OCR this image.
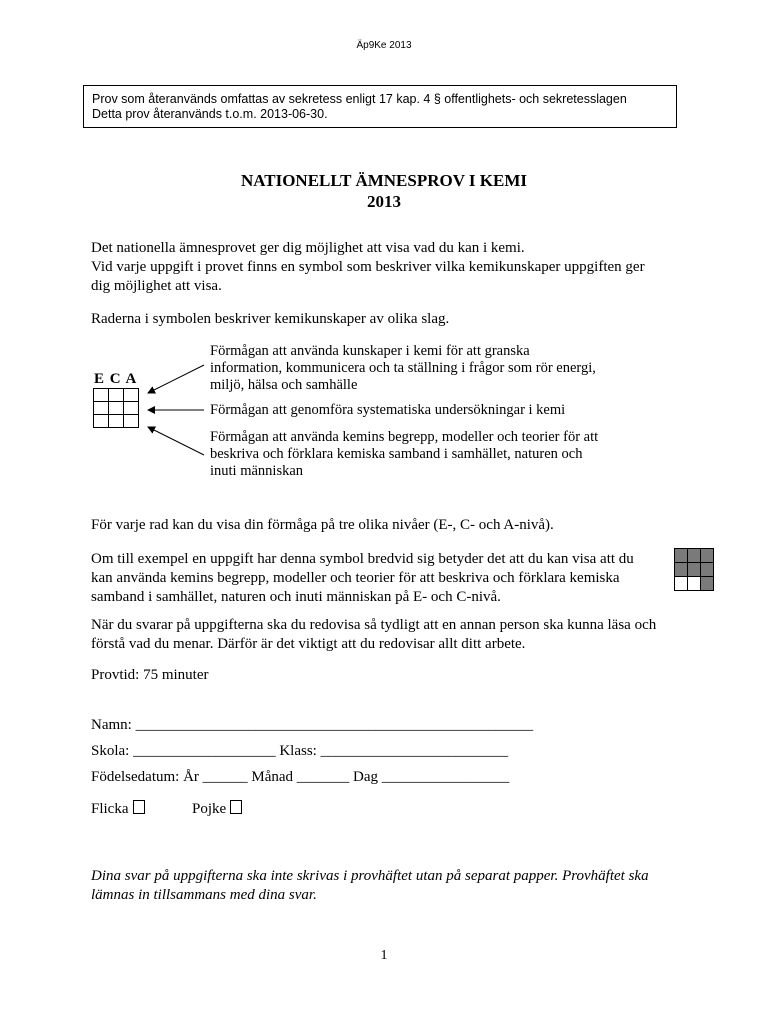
Äp9Ke 2013
Prov som återanvänds omfattas av sekretess enligt 17 kap. 4 § offentlighets- och sekretesslagen
Detta prov återanvänds t.o.m. 2013-06-30.
NATIONELLT ÄMNESPROV I KEMI
2013
Det nationella ämnesprovet ger dig möjlighet att visa vad du kan i kemi.
Vid varje uppgift i provet finns en symbol som beskriver vilka kemikunskaper uppgiften ger
dig möjlighet att visa.
Raderna i symbolen beskriver kemikunskaper av olika slag.
E C A
Förmågan att använda kunskaper i kemi för att granska
information, kommunicera och ta ställning i frågor som rör energi,
miljö, hälsa och samhälle
Förmågan att genomföra systematiska undersökningar i kemi
Förmågan att använda kemins begrepp, modeller och teorier för att
beskriva och förklara kemiska samband i samhället, naturen och
inuti människan
För varje rad kan du visa din förmåga på tre olika nivåer (E-, C- och A-nivå).
Om till exempel en uppgift har denna symbol bredvid sig betyder det att du kan visa att du
kan använda kemins begrepp, modeller och teorier för att beskriva och förklara kemiska
samband i samhället, naturen och inuti människan på E- och C-nivå.
När du svarar på uppgifterna ska du redovisa så tydligt att en annan person ska kunna läsa och
förstå vad du menar. Därför är det viktigt att du redovisar allt ditt arbete.
Provtid: 75 minuter
Namn: _____________________________________________________
Skola: ___________________ Klass: _________________________
Födelsedatum: År ______ Månad _______ Dag _________________
Flicka	Pojke
Dina svar på uppgifterna ska inte skrivas i provhäftet utan på separat papper. Provhäftet ska
lämnas in tillsammans med dina svar.
1
